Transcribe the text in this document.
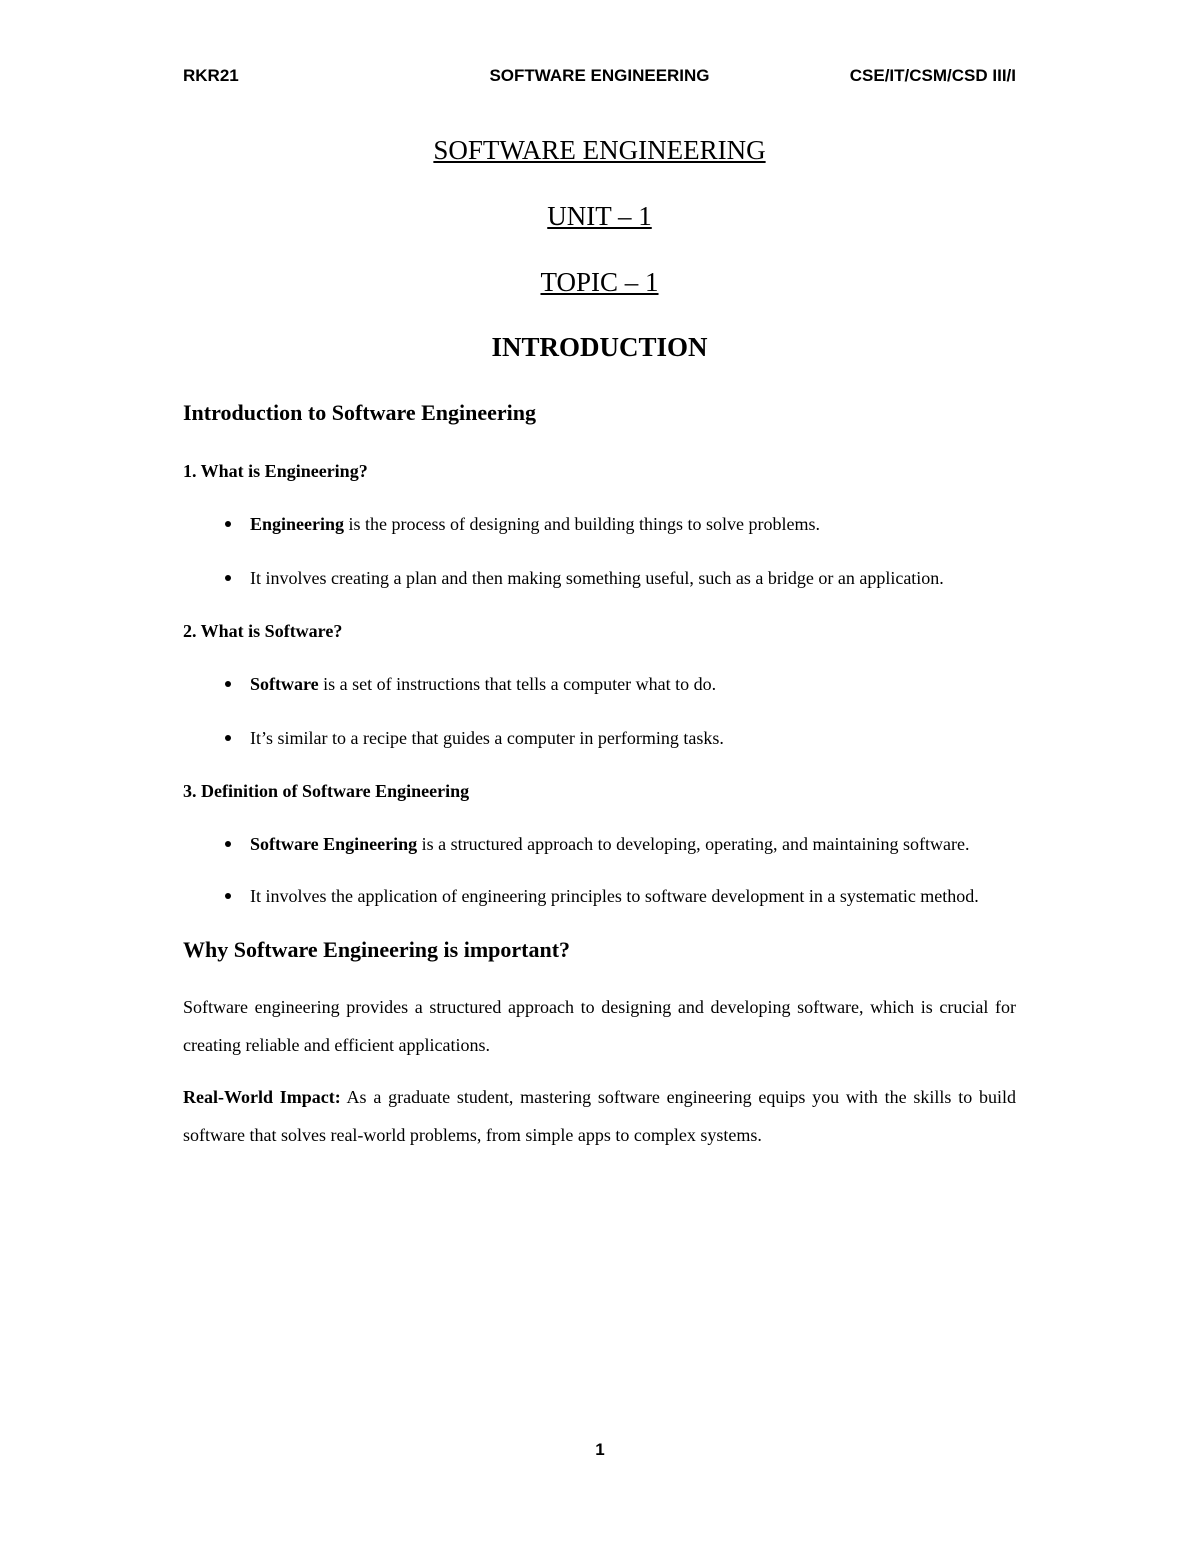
RKR21	SOFTWARE ENGINEERING	CSE/IT/CSM/CSD III/I

SOFTWARE ENGINEERING

UNIT – 1

TOPIC – 1

INTRODUCTION

Introduction to Software Engineering

1. What is Engineering?

Engineering is the process of designing and building things to solve problems.
It involves creating a plan and then making something useful, such as a bridge or an application.

2. What is Software?

Software is a set of instructions that tells a computer what to do.
It’s similar to a recipe that guides a computer in performing tasks.

3. Definition of Software Engineering

Software Engineering is a structured approach to developing, operating, and maintaining software.
It involves the application of engineering principles to software development in a systematic method.

Why Software Engineering is important?

Software engineering provides a structured approach to designing and developing software, which is crucial for creating reliable and efficient applications.

Real-World Impact: As a graduate student, mastering software engineering equips you with the skills to build software that solves real-world problems, from simple apps to complex systems.

1
